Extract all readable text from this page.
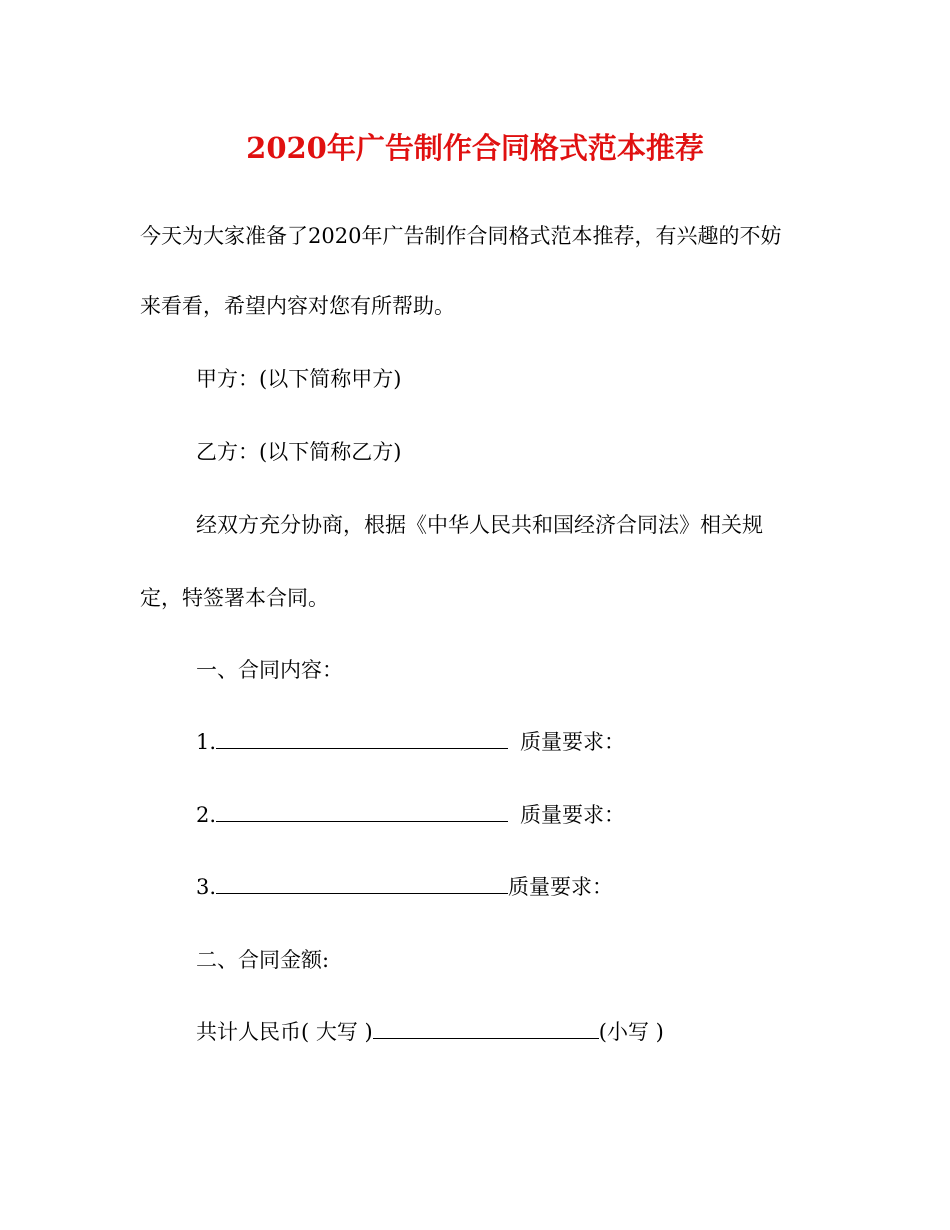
2020年广告制作合同格式范本推荐
今天为大家准备了2020年广告制作合同格式范本推荐，有兴趣的不妨
来看看，希望内容对您有所帮助。
甲方：(以下简称甲方)
乙方：(以下简称乙方)
经双方充分协商，根据《中华人民共和国经济合同法》相关规
定，特签署本合同。
一、合同内容：
1.	质量要求：
2.	质量要求：
3.	质量要求：
二、合同金额:
共计人民币( 大写 )	(小写 )
